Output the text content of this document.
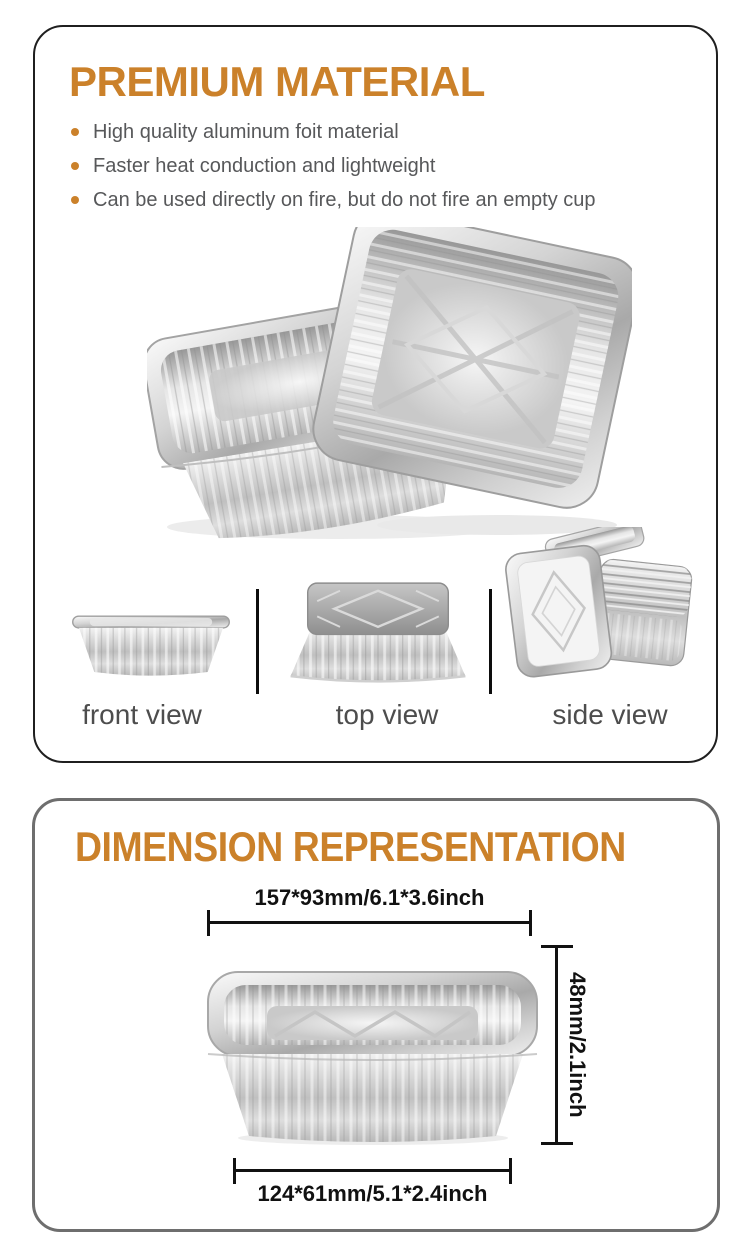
PREMIUM MATERIAL
High quality aluminum foit material
Faster heat conduction and lightweight
Can be used directly on fire, but do not fire an empty cup
front view	top view	side view
DIMENSION REPRESENTATION
157*93mm/6.1*3.6inch
48mm/2.1inch
124*61mm/5.1*2.4inch
